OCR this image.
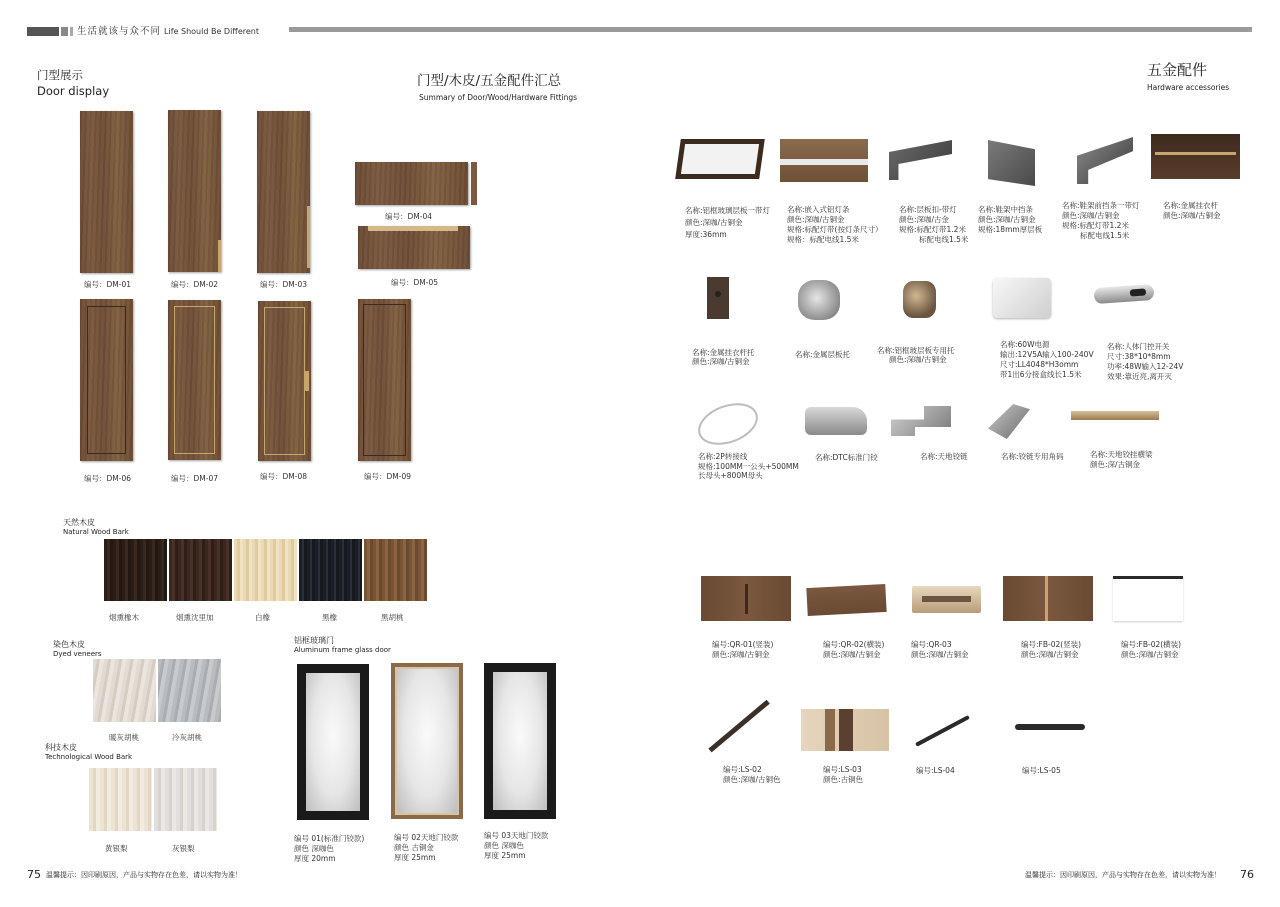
生活就该与众不同 Life Should Be Different
门型展示
Door display
门型/木皮/五金配件汇总
Summary of Door/Wood/Hardware Fittings
编号：DM-01	编号：DM-02	编号：DM-03
编号：DM-04
编号：DM-05
编号：DM-06	编号：DM-07	编号：DM-08	编号：DM-09
天然木皮
Natural Wood Bark
烟熏橡木	烟熏沈里加	白橡	黑橡	黑胡桃
染色木皮
Dyed veneers
暖灰胡桃	冷灰胡桃
科技木皮
Technological Wood Bark
黄银梨	灰银梨
铝框玻璃门
Aluminum frame glass door
编号 01(标准门铰款)
颜色 深咖色
厚度 20mm
编号 02天地门铰款
颜色 古铜金
厚度 25mm
编号 03天地门铰款
颜色 深咖色
厚度 25mm
75 温馨提示：因印刷原因，产品与实物存在色差，请以实物为准！
五金配件
Hardware accessories
名称:铝框玻璃层板一带灯
颜色:深咖/古铜金
厚度:36mm
名称:嵌入式铝灯条
颜色:深咖/古铜金
规格:标配灯带(按灯条尺寸）
规格：标配电线1.5米
名称:层板扣-带灯
颜色:深咖/古金
规格:标配灯带1.2米
标配电线1.5米
名称:鞋架中挡条
颜色:深咖/古铜金
规格:18mm厚层板
名称:鞋架前挡条一带灯
颜色:深咖/古铜金
规格:标配灯带1.2米
标配电线1.5米
名称:金属挂衣杆
颜色:深咖/古铜金
名称:金属挂衣杆托
颜色:深咖/古铜金
名称:金属层板托	名称:铝框玻层板专用托
颜色:深咖/古铜金
名称:60W电源
输出:12V5A输入100-240V
尺寸:LL4048*H3omm
带1出6分接盒线长1.5米
名称:人体门控开关
尺寸:38*10*8mm
功率:48W输入12-24V
效果:靠近亮,离开灭
名称:2P转接线
规格:100MM一公头+500MM
长母头+800M母头
名称:DTC标准门铰	名称:天地铰链	名称:铰链专用角码	名称:天地铰挂横梁
颜色:深/古铜金
编号:QR-01(竖装)
颜色:深咖/古铜金
编号:QR-02(横装)
颜色:深咖/古铜金
编号:QR-03
颜色:深咖/古铜金
编号:FB-02(竖装)
颜色:深咖/古铜金
编号:FB-02(横装)
颜色:深咖/古铜金
编号:LS-02
颜色:深咖/古铜色
编号:LS-03
颜色:古铜色
编号:LS-04	编号:LS-05
温馨提示：因印刷原因，产品与实物存在色差，请以实物为准！ 76
